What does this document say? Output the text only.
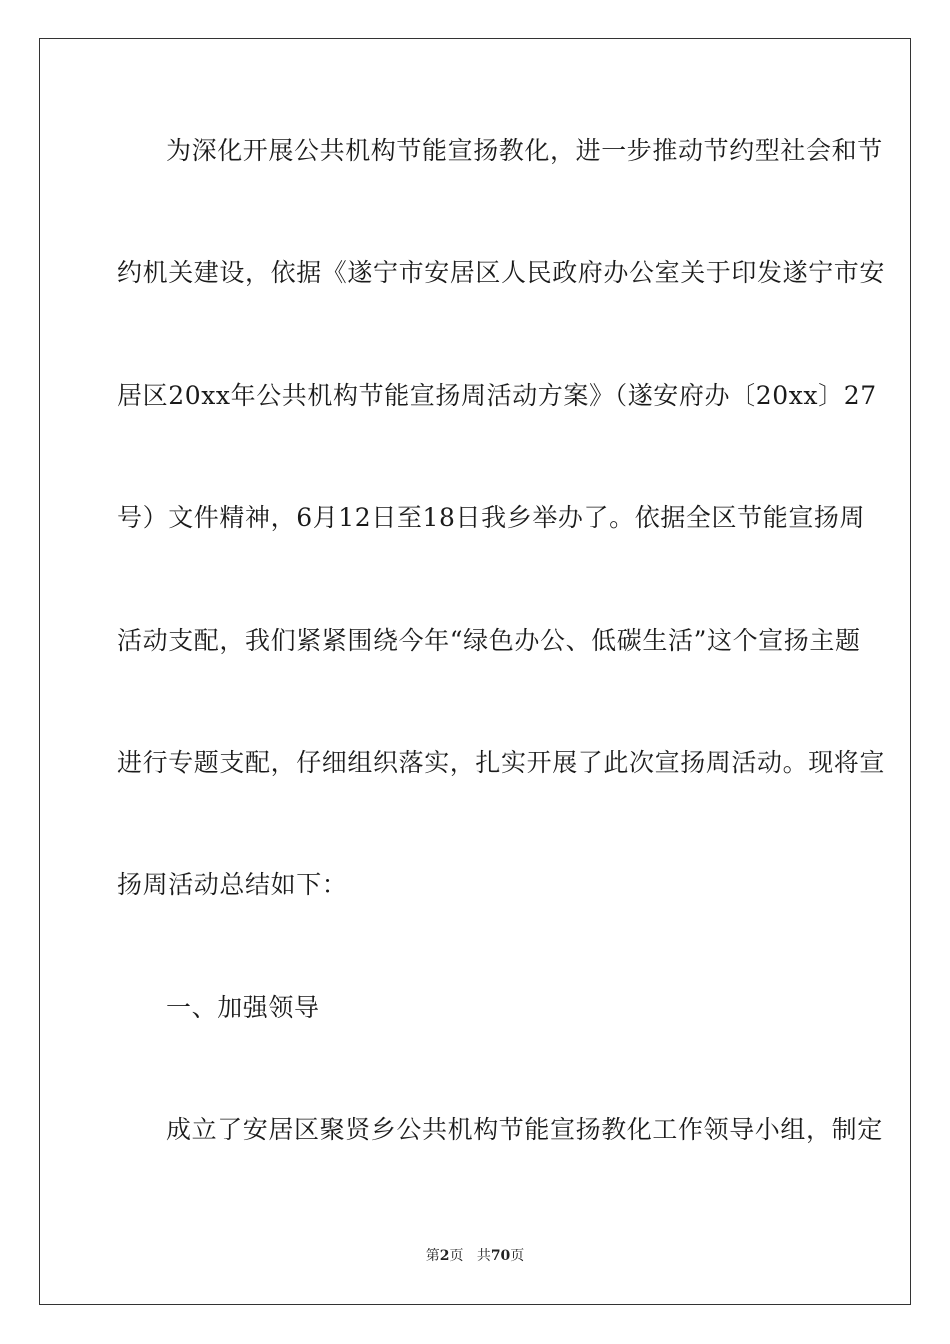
为深化开展公共机构节能宣扬教化，进一步推动节约型社会和节
约机关建设，依据《遂宁市安居区人民政府办公室关于印发遂宁市安
居区20xx年公共机构节能宣扬周活动方案》（遂安府办〔20xx〕27
号）文件精神，6月12日至18日我乡举办了。依据全区节能宣扬周
活动支配，我们紧紧围绕今年“绿色办公、低碳生活”这个宣扬主题
进行专题支配，仔细组织落实，扎实开展了此次宣扬周活动。现将宣
扬周活动总结如下：
一、加强领导
成立了安居区聚贤乡公共机构节能宣扬教化工作领导小组，制定
第2页 共70页
